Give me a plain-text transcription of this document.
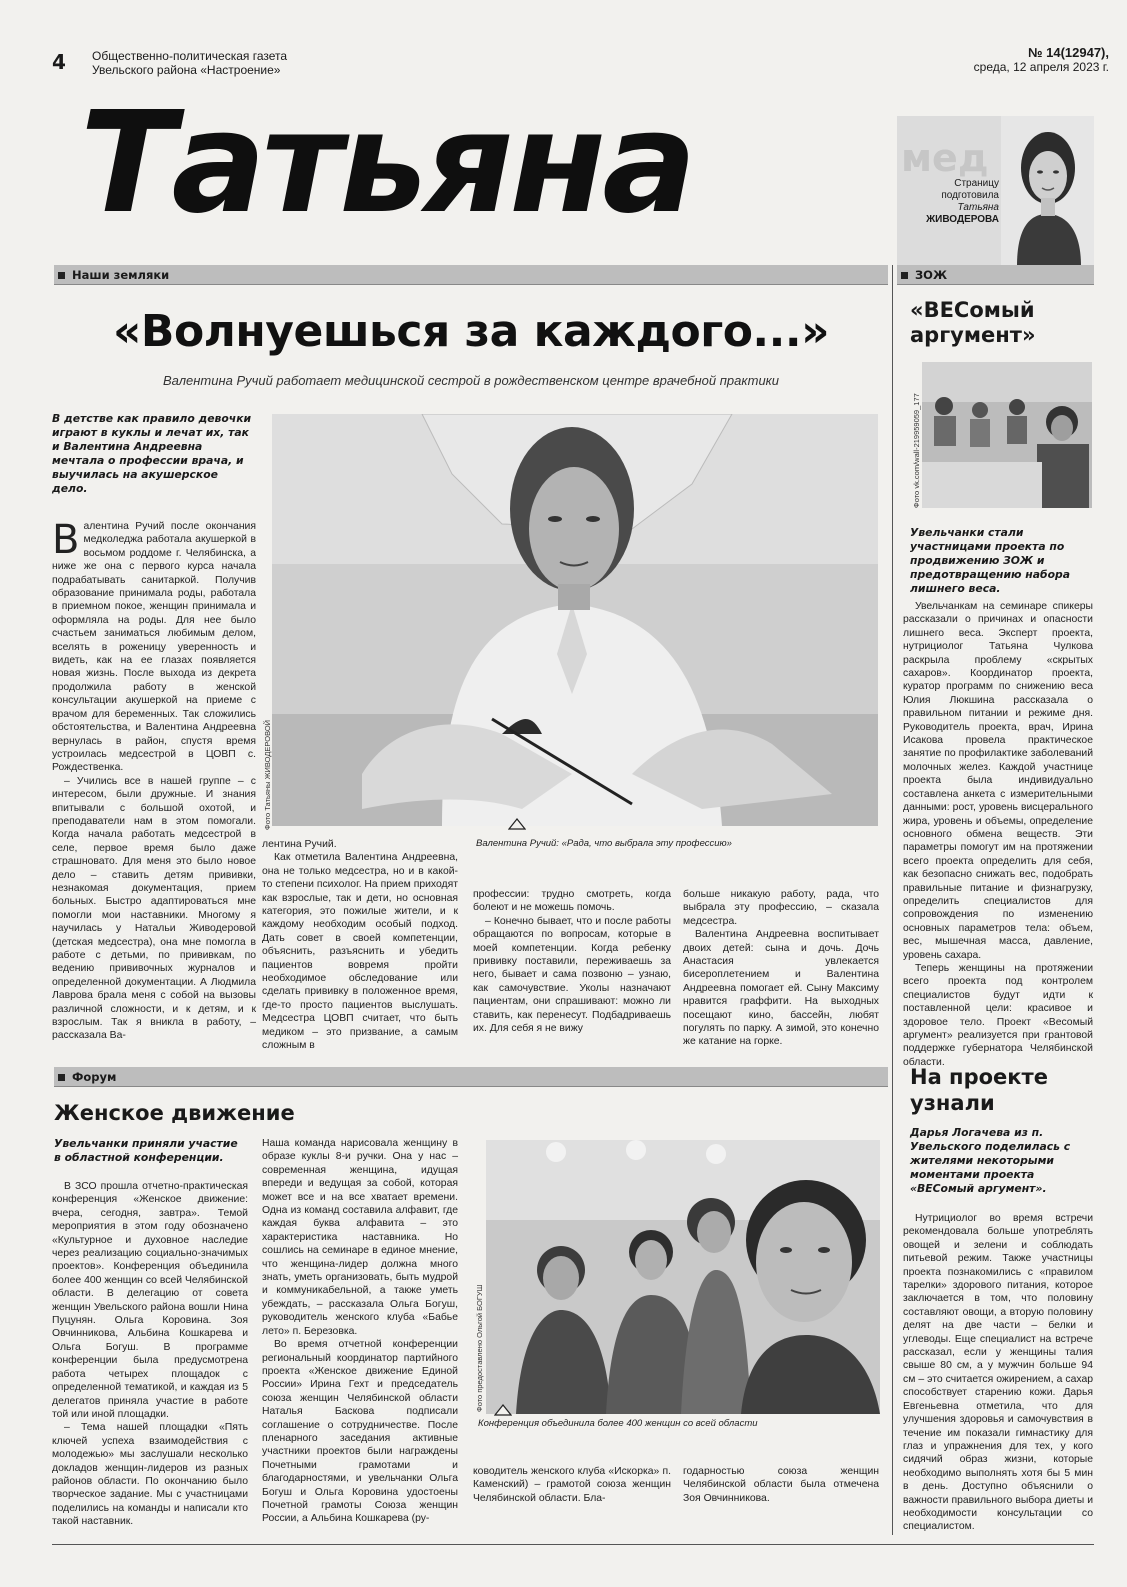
4 Общественно-политическая газета
Увельского района «Настроение»
№ 14(12947),
среда, 12 апреля 2023 г.
Татьяна	мед
Страницу
подготовила
Татьяна
ЖИВОДЕРОВА
Наши земляки	ЗОЖ
Форум
«Волнуешься за каждого...»
Валентина Ручий работает медицинской сестрой в рождественском центре врачебной практики
В детстве как правило девочки играют в куклы и лечат их, так и Валентина Андреевна мечтала о профессии врача, и выучилась на акушерское дело.
В алентина Ручий после окончания медколеджа работала акушеркой в восьмом роддоме г. Челябинска, а ниже же она с первого курса начала подрабатывать санитаркой. Получив образование принимала роды, работала в приемном покое, женщин принимала и оформляла на роды. Для нее было счастьем заниматься любимым делом, вселять в роженицу уверенность и видеть, как на ее глазах появляется новая жизнь. После выхода из декрета продолжила работу в женской консультации акушеркой на приеме с врачом для беременных. Так сложились обстоятельства, и Валентина Андреевна вернулась в район, спустя время устроилась медсестрой в ЦОВП с. Рождественка.

– Учились все в нашей группе – с интересом, были дружные. И знания впитывали с большой охотой, и преподаватели нам в этом помогали. Когда начала работать медсестрой в селе, первое время было даже страшновато. Для меня это было новое дело – ставить детям прививки, незнакомая документация, прием больных. Быстро адаптироваться мне помогли мои наставники. Многому я научилась у Натальи Живодеровой (детская медсестра), она мне помогла в работе с детьми, по прививкам, по ведению прививочных журналов и определенной документации. А Людмила Лаврова брала меня с собой на вызовы различной сложности, и к детям, и к взрослым. Так я вникла в работу, – рассказала Ва-

Фото Татьяны ЖИВОДЕРОВОЙ
Валентина Ручий: «Рада, что выбрала эту профессию»

лентина Ручий.

Как отметила Валентина Андреевна, она не только медсестра, но и в какой-то степени психолог. На прием приходят как взрослые, так и дети, но основная категория, это пожилые жители, и к каждому необходим особый подход. Дать совет в своей компетенции, объяснить, разъяснить и убедить пациентов вовремя пройти необходимое обследование или сделать прививку в положенное время, где-то просто пациентов выслушать. Медсестра ЦОВП считает, что быть медиком – это призвание, а самым сложным в

профессии: трудно смотреть, когда болеют и не можешь помочь.

– Конечно бывает, что и после работы обращаются по вопросам, которые в моей компетенции. Когда ребенку прививку поставили, переживаешь за него, бывает и сама позвоню – узнаю, как самочувствие. Уколы назначают пациентам, они спрашивают: можно ли ставить, как перенесут. Подбадриваешь их. Для себя я не вижу

больше никакую работу, рада, что выбрала эту профессию, – сказала медсестра.

Валентина Андреевна воспитывает двоих детей: сына и дочь. Дочь Анастасия увлекается бисероплетением и Валентина Андреевна помогает ей. Сыну Максиму нравится граффити. На выходных посещают кино, бассейн, любят погулять по парку. А зимой, это конечно же катание на горке.

«ВЕСомый аргумент»
Фото vk.com/wall-219959059_177
Увельчанки стали участницами проекта по продвижению ЗОЖ и предотвращению набора лишнего веса.

Увельчанкам на семинаре спикеры рассказали о причинах и опасности лишнего веса. Эксперт проекта, нутрициолог Татьяна Чулкова раскрыла проблему «скрытых сахаров». Координатор проекта, куратор программ по снижению веса Юлия Люкшина рассказала о правильном питании и режиме дня. Руководитель проекта, врач, Ирина Исакова провела практическое занятие по профилактике заболеваний молочных желез. Каждой участнице проекта была индивидуально составлена анкета с измерительными данными: рост, уровень висцерального жира, уровень и объемы, определение основного обмена веществ. Эти параметры помогут им на протяжении всего проекта определить для себя, как безопасно снижать вес, подобрать правильные питание и физнагрузку, определить специалистов для сопровождения по изменению основных параметров тела: объем, вес, мышечная масса, давление, уровень сахара.

Теперь женщины на протяжении всего проекта под контролем специалистов будут идти к поставленной цели: красивое и здоровое тело. Проект «Весомый аргумент» реализуется при грантовой поддержке губернатора Челябинской области.

На проекте узнали
Дарья Логачева из п. Увельского поделилась с жителями некоторыми моментами проекта «ВЕСомый аргумент».

Нутрициолог во время встречи рекомендовала больше употреблять овощей и зелени и соблюдать питьевой режим. Также участницы проекта познакомились с «правилом тарелки» здорового питания, которое заключается в том, что половину составляют овощи, а вторую половину делят на две части – белки и углеводы. Еще специалист на встрече рассказал, если у женщины талия свыше 80 см, а у мужчин больше 94 см – это считается ожирением, а сахар способствует старению кожи. Дарья Евгеньевна отметила, что для улучшения здоровья и самочувствия в течение им показали гимнастику для глаз и упражнения для тех, у кого сидячий образ жизни, которые необходимо выполнять хотя бы 5 мин в день. Доступно объяснили о важности правильного выбора диеты и необходимости консультации со специалистом.

Женское движение
Увельчанки приняли участие в областной конференции.

В ЗСО прошла отчетно-практическая конференция «Женское движение: вчера, сегодня, завтра». Темой мероприятия в этом году обозначено «Культурное и духовное наследие через реализацию социально-значимых проектов». Конференция объединила более 400 женщин со всей Челябинской области. В делегацию от совета женщин Увельского района вошли Нина Пуцунян. Ольга Коровина. Зоя Овчинникова, Альбина Кошкарева и Ольга Богуш. В программе конференции была предусмотрена работа четырех площадок с определенной тематикой, и каждая из 5 делегатов приняла участие в работе той или иной площадки.

– Тема нашей площадки «Пять ключей успеха взаимодействия с молодежью» мы заслушали несколько докладов женщин-лидеров из разных районов области. По окончанию было творческое задание. Мы с участницами поделились на команды и написали кто такой наставник.

Наша команда нарисовала женщину в образе куклы 8-и ручки. Она у нас – современная женщина, идущая впереди и ведущая за собой, которая может все и на все хватает времени. Одна из команд составила алфавит, где каждая буква алфавита – это характеристика наставника. Но сошлись на семинаре в единое мнение, что женщина-лидер должна много знать, уметь организовать, быть мудрой и коммуникабельной, а также уметь убеждать, – рассказала Ольга Богуш, руководитель женского клуба «Бабье лето» п. Березовка.

Во время отчетной конференции региональный координатор партийного проекта «Женское движение Единой России» Ирина Гехт и председатель союза женщин Челябинской области Наталья Баскова подписали соглашение о сотрудничестве. После пленарного заседания активные участники проектов были награждены Почетными грамотами и благодарностями, и увельчанки Ольга Богуш и Ольга Коровина удостоены Почетной грамоты Союза женщин России, а Альбина Кошкарева (ру-

Фото предоставлено Ольгой БОГУШ
Конференция объединила более 400 женщин со всей области

ководитель женского клуба «Искорка» п. Каменский) – грамотой союза женщин Челябинской области. Бла-

годарностью союза женщин Челябинской области была отмечена Зоя Овчинникова.
